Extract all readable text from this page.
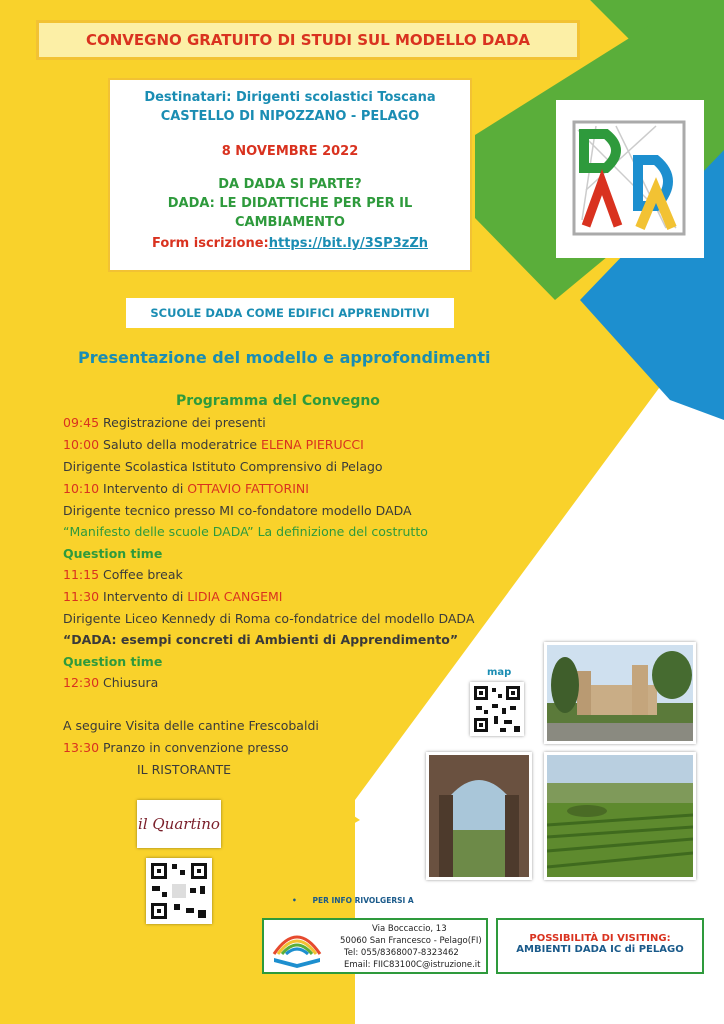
CONVEGNO GRATUITO DI STUDI SUL MODELLO DADA
Destinatari: Dirigenti scolastici Toscana
CASTELLO DI NIPOZZANO - PELAGO
8 NOVEMBRE 2022
DA DADA SI PARTE?
DADA: LE DIDATTICHE PER PER IL CAMBIAMENTO
Form iscrizione:https://bit.ly/3SP3zZh
SCUOLE DADA COME EDIFICI APPRENDITIVI
Presentazione del modello e approfondimenti
Programma del Convegno
09:45 Registrazione dei presenti
10:00 Saluto della moderatrice ELENA PIERUCCI
Dirigente Scolastica Istituto Comprensivo di Pelago
10:10 Intervento di OTTAVIO FATTORINI
Dirigente tecnico presso MI co-fondatore modello DADA
“Manifesto delle scuole DADA” La definizione del costrutto
Question time
11:15 Coffee break
11:30 Intervento di LIDIA CANGEMI
Dirigente Liceo Kennedy di Roma co-fondatrice del modello DADA
“DADA: esempi concreti di Ambienti di Apprendimento”
Question time
12:30 Chiusura
A seguire Visita delle cantine Frescobaldi
13:30 Pranzo in convenzione presso
IL RISTORANTE
map
il Quartino
• PER INFO RIVOLGERSI A
Via Boccaccio, 13
50060 San Francesco - Pelago(FI)
Tel: 055/8368007-8323462
Email: FIIC83100C@istruzione.it
POSSIBILITÀ DI VISITING:
AMBIENTI DADA IC di PELAGO
